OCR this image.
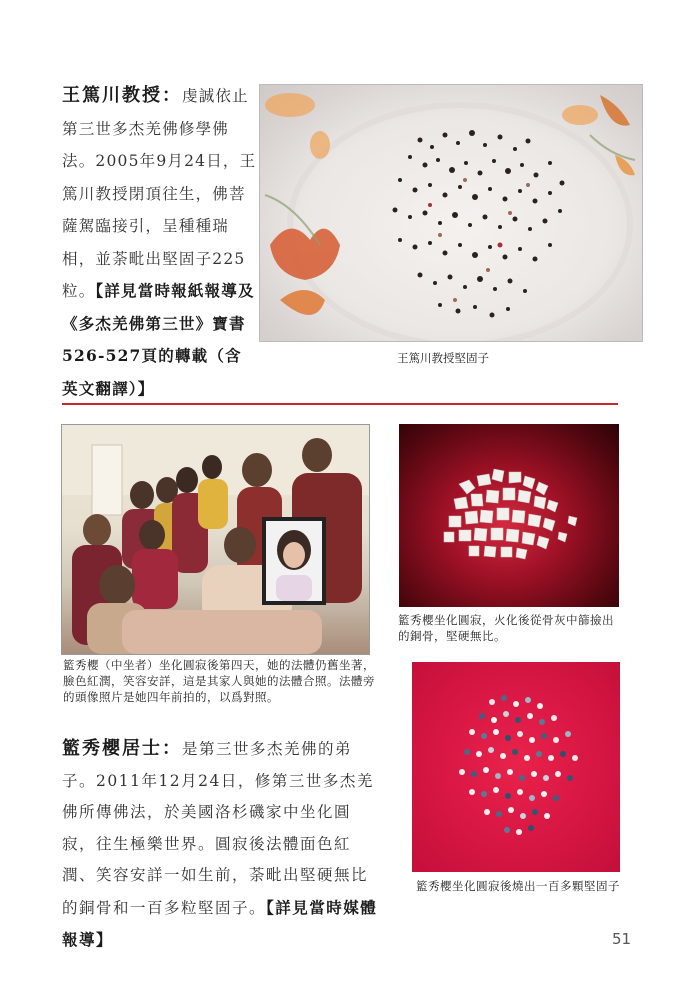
王篤川教授：虔誠依止第三世多杰羌佛修學佛法。2005年9月24日，王篤川教授閉頂往生，佛菩薩駕臨接引，呈種種瑞相，並荼毗出堅固子225粒。【詳見當時報紙報導及《多杰羌佛第三世》寶書526-527頁的轉載（含英文翻譯）】
王篤川教授堅固子
籃秀櫻（中坐者）坐化圓寂後第四天，她的法體仍舊坐著，臉色紅潤，笑容安詳，這是其家人與她的法體合照。法體旁的頭像照片是她四年前拍的，以爲對照。
籃秀櫻坐化圓寂，火化後從骨灰中篩撿出的銅骨，堅硬無比。
籃秀櫻坐化圓寂後燒出一百多顆堅固子
籃秀櫻居士：是第三世多杰羌佛的弟子。2011年12月24日，修第三世多杰羌佛所傳佛法，於美國洛杉磯家中坐化圓寂，往生極樂世界。圓寂後法體面色紅潤、笑容安詳一如生前，荼毗出堅硬無比的銅骨和一百多粒堅固子。【詳見當時媒體報導】	51
